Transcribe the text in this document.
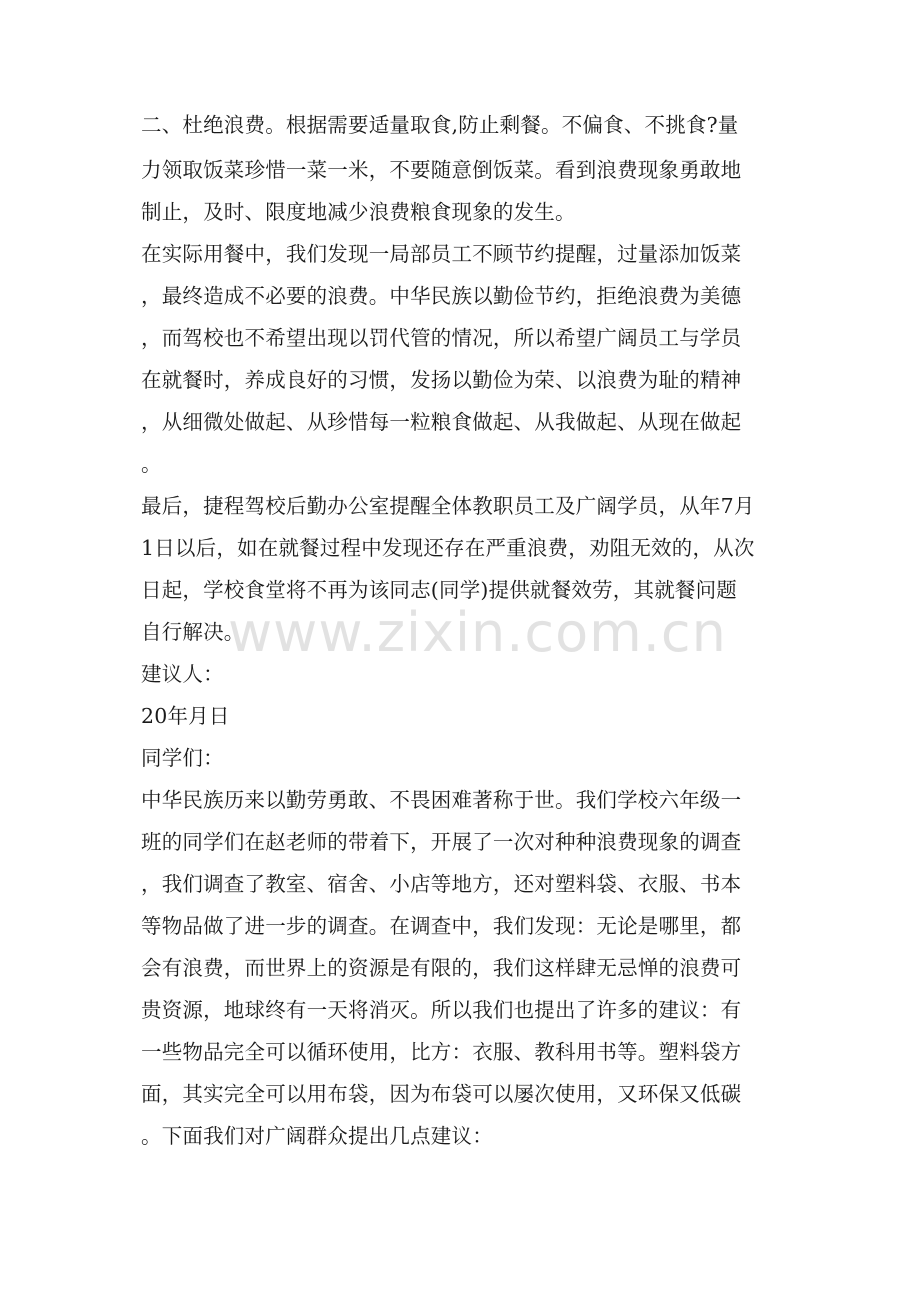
二、杜绝浪费。根据需要适量取食,防止剩餐。不偏食、不挑食?量
力领取饭菜珍惜一菜一米，不要随意倒饭菜。看到浪费现象勇敢地
制止，及时、限度地减少浪费粮食现象的发生。
在实际用餐中，我们发现一局部员工不顾节约提醒，过量添加饭菜
，最终造成不必要的浪费。中华民族以勤俭节约，拒绝浪费为美德
，而驾校也不希望出现以罚代管的情况，所以希望广阔员工与学员
在就餐时，养成良好的习惯，发扬以勤俭为荣、以浪费为耻的精神
，从细微处做起、从珍惜每一粒粮食做起、从我做起、从现在做起
。
最后，捷程驾校后勤办公室提醒全体教职员工及广阔学员，从年7月
1日以后，如在就餐过程中发现还存在严重浪费，劝阻无效的，从次
日起，学校食堂将不再为该同志(同学)提供就餐效劳，其就餐问题
自行解决。
建议人：
20年月日
同学们：
中华民族历来以勤劳勇敢、不畏困难著称于世。我们学校六年级一
班的同学们在赵老师的带着下，开展了一次对种种浪费现象的调查
，我们调查了教室、宿舍、小店等地方，还对塑料袋、衣服、书本
等物品做了进一步的调查。在调查中，我们发现：无论是哪里，都
会有浪费，而世界上的资源是有限的，我们这样肆无忌惮的浪费可
贵资源，地球终有一天将消灭。所以我们也提出了许多的建议：有
一些物品完全可以循环使用，比方：衣服、教科用书等。塑料袋方
面，其实完全可以用布袋，因为布袋可以屡次使用，又环保又低碳
。下面我们对广阔群众提出几点建议：
www.zixin.com.cn
